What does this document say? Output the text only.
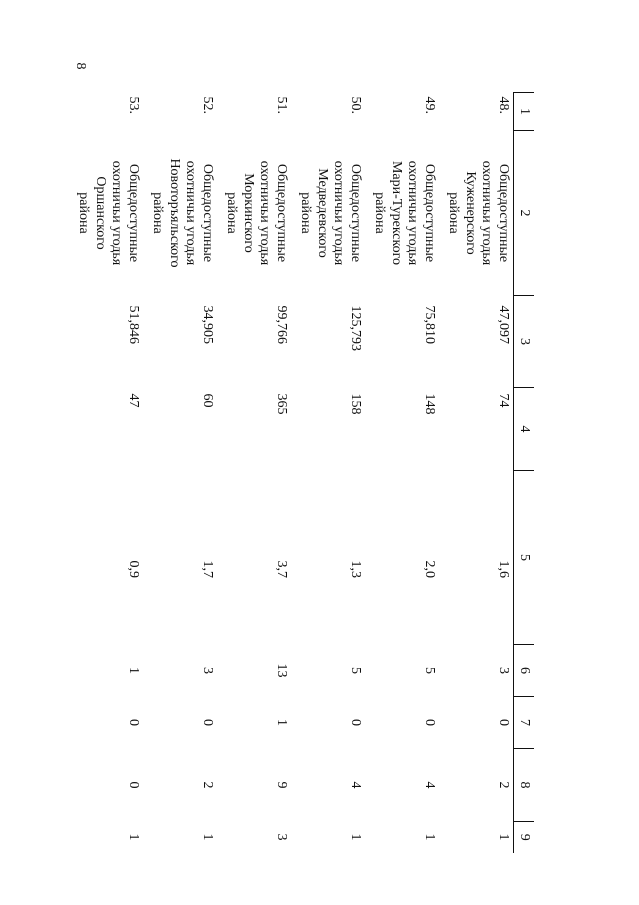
8
1	2	3	4	5	6	7	8	9
48.	Общедоступные
охотничьи угодья
Куженерского
района	47,097	74	1,6	3	0	2	1
49.	Общедоступные
охотничьи угодья
Мари-Турекского
района	75,810	148	2,0	5	0	4	1
50.	Общедоступные
охотничьи угодья
Медведевского
района	125,793	158	1,3	5	0	4	1
51.	Общедоступные
охотничьи угодья
Моркинского
района	99,766	365	3,7	13	1	9	3
52.	Общедоступные
охотничьи угодья
Новоторъяльского
района	34,905	60	1,7	3	0	2	1
53.	Общедоступные
охотничьи угодья
Оршанского
района	51,846	47	0,9	1	0	0	1
